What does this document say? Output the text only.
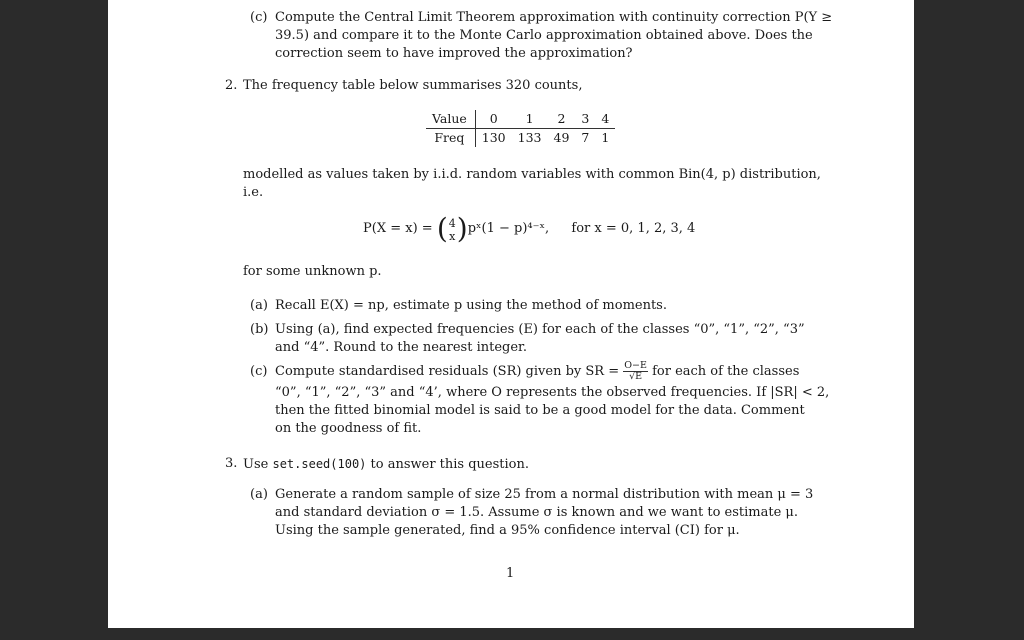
(c) Compute the Central Limit Theorem approximation with continuity correction P(Y ≥
39.5) and compare it to the Monte Carlo approximation obtained above. Does the
correction seem to have improved the approximation?
2. The frequency table below summarises 320 counts,
Value	0	1	2	3	4
Freq	130	133	49	7	1
modelled as values taken by i.i.d. random variables with common Bin(4, p) distribution,
i.e.
P(X = x) = ( 4
x )pˣ(1 − p)⁴⁻ˣ, for x = 0, 1, 2, 3, 4
for some unknown p.
(a) Recall E(X) = np, estimate p using the method of moments.
(b) Using (a), find expected frequencies (E) for each of the classes “0”, “1”, “2”, “3”
and “4”. Round to the nearest integer.
(c) Compute standardised residuals (SR) given by SR = $\frac{O-E}{√E}$ for each of the classes
“0”, “1”, “2”, “3” and “4’, where O represents the observed frequencies. If |SR| < 2,
then the fitted binomial model is said to be a good model for the data. Comment
on the goodness of fit.
3. Use set.seed(100) to answer this question.
(a) Generate a random sample of size 25 from a normal distribution with mean μ = 3
and standard deviation σ = 1.5. Assume σ is known and we want to estimate μ.
Using the sample generated, find a 95% confidence interval (CI) for μ.
1
